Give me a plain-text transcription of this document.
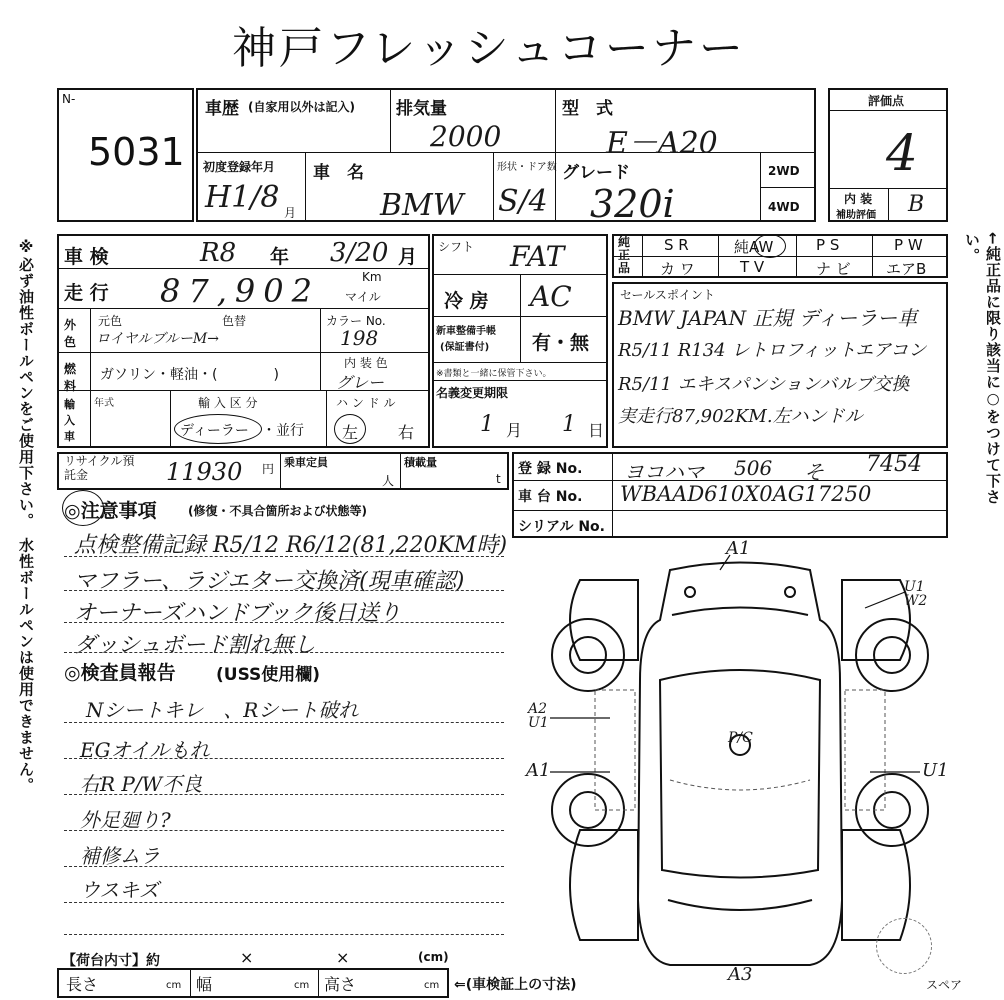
神戸フレッシュコーナー
※必ず油性ボールペンをご使用下さい。　水性ボールペンは使用できません。	←純正品に限り該当に○をつけて下さい。
N-
5031
車歴 (自家用以外は記入) 排気量
2000
型　式
E－A20
初度登録年月
H1/8 月
車　名
BMW
形状・ドア数
S/4
グレード
320i
2WD
4WD
評価点
4
内 装
補助評価 B
車 検	R8 年 3/20 月
走 行 87,902	Km
マイル
外色
元色
ロイヤルブルーM→
色替	カラー No.
198
燃料
ガソリン・軽油・(　　　　)
内 装 色
グレー
輸入車
年式	輸 入 区 分
ディーラー ・並行
ハ ン ド ル
左 右
シフト FAT
冷 房 AC
新車整備手帳
(保証書付) 有・無
※書類と一緒に保管下さい。
名義変更期限
1 月 1 日
純正品
S R	純AW	P S	P W
カ ワ	T V	ナ ビ エアB
セールスポイント
BMW JAPAN 正規 ディーラー車
R5/11 R134 レトロフィットエアコン
R5/11 エキスパンションバルブ交換
実走行87,902KM.左ハンドル
リサイクル預託金	11930 円 乗車定員
人
積載量
t
登 録 No. ヨコハマ 506 そ 7454
車 台 No. WBAAD610X0AG17250
シリアル No.
◎注意事項	(修復・不具合箇所および状態等)
点検整備記録 R5/12 R6/12(81,220KM時)
マフラー、ラジエター交換済(現車確認)
オーナーズハンドブック後日送り
ダッシュボード割れ無し
◎検査員報告 (USS使用欄)
Nシートキレ　、Rシート破れ
EGオイルもれ
右R P/W不良
外足廻り?
補修ムラ
ウスキズ
A1
U1 W2
A2 U1
A1
P/C
U1
A3	スペア
【荷台内寸】約	×	×	(cm)
長さ	cm 幅	cm 高さ	cm ⇐(車検証上の寸法)
